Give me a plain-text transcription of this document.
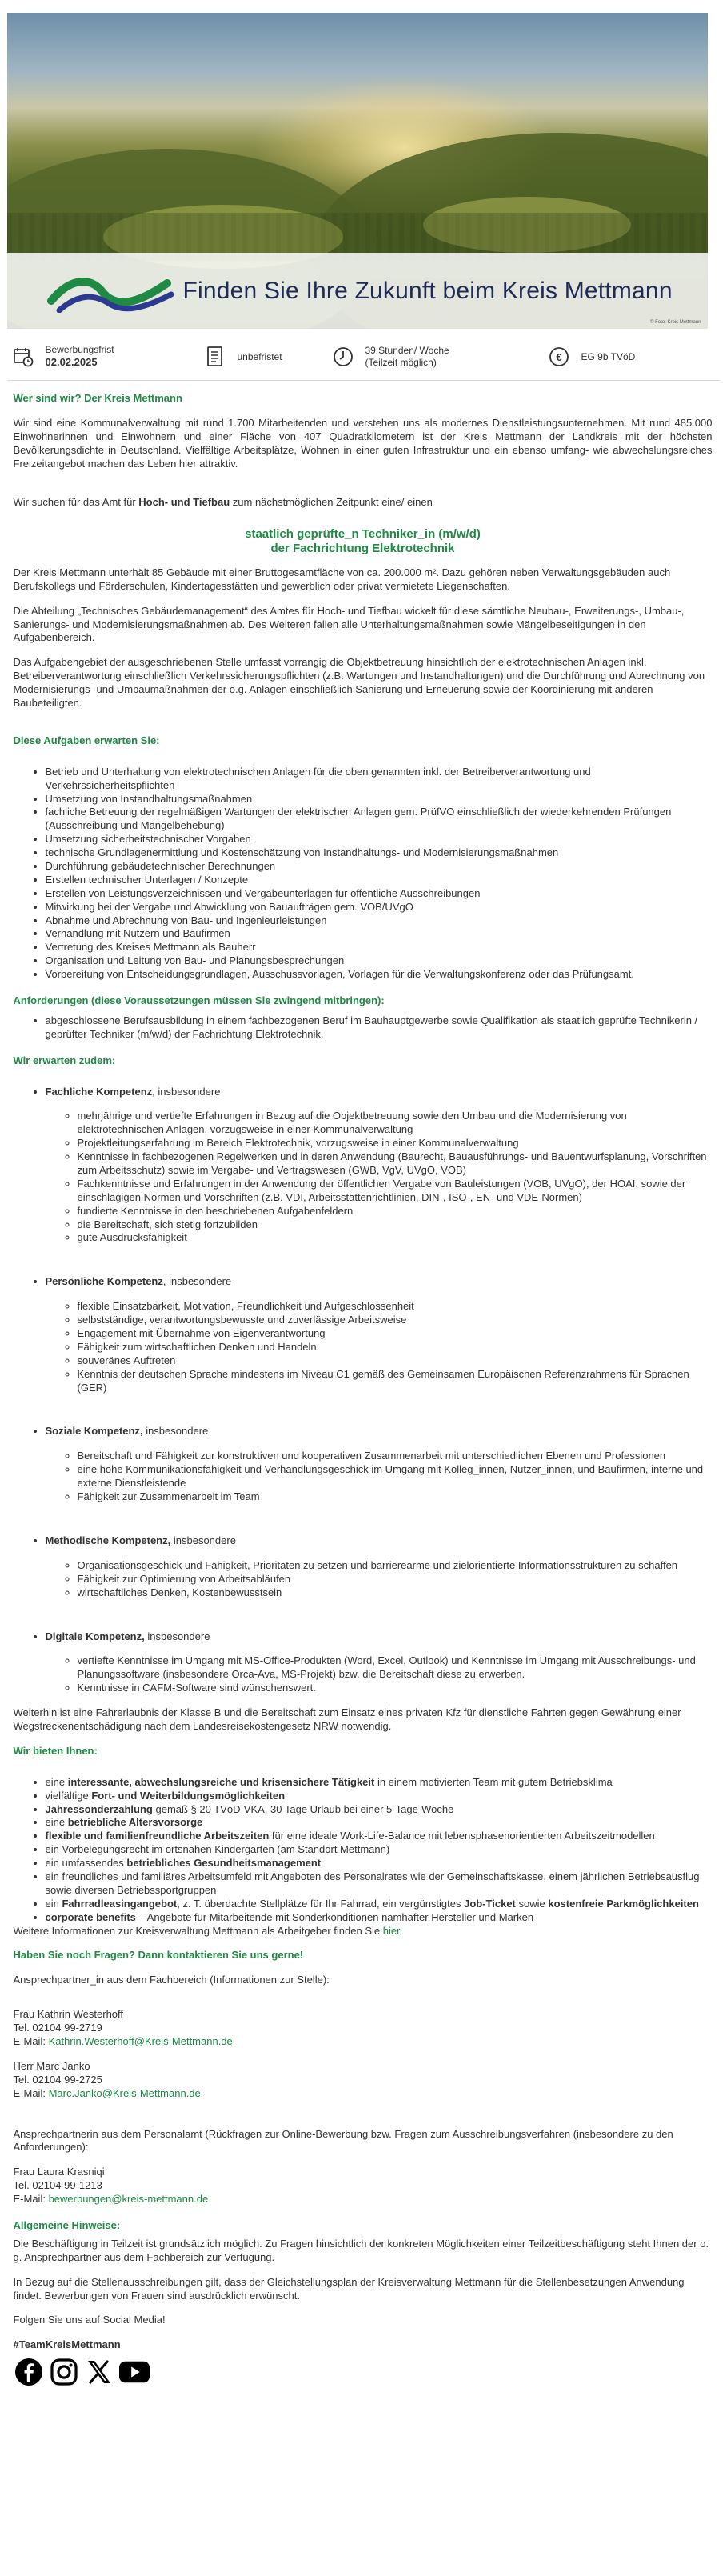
Finden Sie Ihre Zukunft beim Kreis Mettmann
© Foto: Kreis Mettmann
Bewerbungsfrist
02.02.2025	unbefristet
39 Stunden/ Woche
(Teilzeit möglich)	€ EG 9b TVöD
Wer sind wir? Der Kreis Mettmann

Wir sind eine Kommunalverwaltung mit rund 1.700 Mitarbeitenden und verstehen uns als modernes Dienstleistungsunternehmen. Mit rund 485.000 Einwohnerinnen und Einwohnern und einer Fläche von 407 Quadratkilometern ist der Kreis Mettmann der Landkreis mit der höchsten Bevölkerungsdichte in Deutschland. Vielfältige Arbeitsplätze, Wohnen in einer guten Infrastruktur und ein ebenso umfang- wie abwechslungsreiches Freizeitangebot machen das Leben hier attraktiv.

Wir suchen für das Amt für Hoch- und Tiefbau zum nächstmöglichen Zeitpunkt eine/ einen

staatlich geprüfte_n Techniker_in (m/w/d)
der Fachrichtung Elektrotechnik

Der Kreis Mettmann unterhält 85 Gebäude mit einer Bruttogesamtfläche von ca. 200.000 m². Dazu gehören neben Verwaltungsgebäuden auch Berufskollegs und Förderschulen, Kindertagesstätten und gewerblich oder privat vermietete Liegenschaften.

Die Abteilung „Technisches Gebäudemanagement“ des Amtes für Hoch- und Tiefbau wickelt für diese sämtliche Neubau-, Erweiterungs-, Umbau-, Sanierungs- und Modernisierungsmaßnahmen ab. Des Weiteren fallen alle Unterhaltungsmaßnahmen sowie Mängelbeseitigungen in den Aufgabenbereich.

Das Aufgabengebiet der ausgeschriebenen Stelle umfasst vorrangig die Objektbetreuung hinsichtlich der elektrotechnischen Anlagen inkl. Betreiberverantwortung einschließlich Verkehrssicherungspflichten (z.B. Wartungen und Instandhaltungen) und die Durchführung und Abrechnung von Modernisierungs- und Umbaumaßnahmen der o.g. Anlagen einschließlich Sanierung und Erneuerung sowie der Koordinierung mit anderen Baubeteiligten.

Diese Aufgaben erwarten Sie:
• Betrieb und Unterhaltung von elektrotechnischen Anlagen für die oben genannten inkl. der Betreiberverantwortung und Verkehrssicherheitspflichten
• Umsetzung von Instandhaltungsmaßnahmen
• fachliche Betreuung der regelmäßigen Wartungen der elektrischen Anlagen gem. PrüfVO einschließlich der wiederkehrenden Prüfungen (Ausschreibung und Mängelbehebung)
• Umsetzung sicherheitstechnischer Vorgaben
• technische Grundlagenermittlung und Kostenschätzung von Instandhaltungs- und Modernisierungsmaßnahmen
• Durchführung gebäudetechnischer Berechnungen
• Erstellen technischer Unterlagen / Konzepte
• Erstellen von Leistungsverzeichnissen und Vergabeunterlagen für öffentliche Ausschreibungen
• Mitwirkung bei der Vergabe und Abwicklung von Bauaufträgen gem. VOB/UVgO
• Abnahme und Abrechnung von Bau- und Ingenieurleistungen
• Verhandlung mit Nutzern und Baufirmen
• Vertretung des Kreises Mettmann als Bauherr
• Organisation und Leitung von Bau- und Planungsbesprechungen
• Vorbereitung von Entscheidungsgrundlagen, Ausschussvorlagen, Vorlagen für die Verwaltungskonferenz oder das Prüfungsamt.
Anforderungen (diese Voraussetzungen müssen Sie zwingend mitbringen):
• abgeschlossene Berufsausbildung in einem fachbezogenen Beruf im Bauhauptgewerbe sowie Qualifikation als staatlich geprüfte Technikerin / geprüfter Techniker (m/w/d) der Fachrichtung Elektrotechnik.
Wir erwarten zudem:
• Fachliche Kompetenz, insbesondere
◦ mehrjährige und vertiefte Erfahrungen in Bezug auf die Objektbetreuung sowie den Umbau und die Modernisierung von elektrotechnischen Anlagen, vorzugsweise in einer Kommunalverwaltung
◦ Projektleitungserfahrung im Bereich Elektrotechnik, vorzugsweise in einer Kommunalverwaltung
◦ Kenntnisse in fachbezogenen Regelwerken und in deren Anwendung (Baurecht, Bauausführungs- und Bauentwurfsplanung, Vorschriften zum Arbeitsschutz) sowie im Vergabe- und Vertragswesen (GWB, VgV, UVgO, VOB)
◦ Fachkenntnisse und Erfahrungen in der Anwendung der öffentlichen Vergabe von Bauleistungen (VOB, UVgO), der HOAI, sowie der einschlägigen Normen und Vorschriften (z.B. VDI, Arbeitsstättenrichtlinien, DIN-, ISO-, EN- und VDE-Normen)
◦ fundierte Kenntnisse in den beschriebenen Aufgabenfeldern
◦ die Bereitschaft, sich stetig fortzubilden
◦ gute Ausdrucksfähigkeit
• Persönliche Kompetenz, insbesondere
◦ flexible Einsatzbarkeit, Motivation, Freundlichkeit und Aufgeschlossenheit
◦ selbstständige, verantwortungsbewusste und zuverlässige Arbeitsweise
◦ Engagement mit Übernahme von Eigenverantwortung
◦ Fähigkeit zum wirtschaftlichen Denken und Handeln
◦ souveränes Auftreten
◦ Kenntnis der deutschen Sprache mindestens im Niveau C1 gemäß des Gemeinsamen Europäischen Referenzrahmens für Sprachen (GER)
• Soziale Kompetenz, insbesondere
◦ Bereitschaft und Fähigkeit zur konstruktiven und kooperativen Zusammenarbeit mit unterschiedlichen Ebenen und Professionen
◦ eine hohe Kommunikationsfähigkeit und Verhandlungsgeschick im Umgang mit Kolleg_innen, Nutzer_innen, und Baufirmen, interne und externe Dienstleistende
◦ Fähigkeit zur Zusammenarbeit im Team
• Methodische Kompetenz, insbesondere
◦ Organisationsgeschick und Fähigkeit, Prioritäten zu setzen und barrierearme und zielorientierte Informationsstrukturen zu schaffen
◦ Fähigkeit zur Optimierung von Arbeitsabläufen
◦ wirtschaftliches Denken, Kostenbewusstsein
• Digitale Kompetenz, insbesondere
◦ vertiefte Kenntnisse im Umgang mit MS-Office-Produkten (Word, Excel, Outlook) und Kenntnisse im Umgang mit Ausschreibungs- und Planungssoftware (insbesondere Orca-Ava, MS-Projekt) bzw. die Bereitschaft diese zu erwerben.
◦ Kenntnisse in CAFM-Software sind wünschenswert.

Weiterhin ist eine Fahrerlaubnis der Klasse B und die Bereitschaft zum Einsatz eines privaten Kfz für dienstliche Fahrten gegen Gewährung einer Wegstreckenentschädigung nach dem Landesreisekostengesetz NRW notwendig.

Wir bieten Ihnen:
• eine interessante, abwechslungsreiche und krisensichere Tätigkeit in einem motivierten Team mit gutem Betriebsklima
• vielfältige Fort- und Weiterbildungsmöglichkeiten
• Jahressonderzahlung gemäß § 20 TVöD-VKA, 30 Tage Urlaub bei einer 5-Tage-Woche
• eine betriebliche Altersvorsorge
• flexible und familienfreundliche Arbeitszeiten für eine ideale Work-Life-Balance mit lebensphasenorientierten Arbeitszeitmodellen
• ein Vorbelegungsrecht im ortsnahen Kindergarten (am Standort Mettmann)
• ein umfassendes betriebliches Gesundheitsmanagement
• ein freundliches und familiäres Arbeitsumfeld mit Angeboten des Personalrates wie der Gemeinschaftskasse, einem jährlichen Betriebsausflug sowie diversen Betriebssportgruppen
• ein Fahrradleasingangebot, z. T. überdachte Stellplätze für Ihr Fahrrad, ein vergünstigtes Job-Ticket sowie kostenfreie Parkmöglichkeiten
• corporate benefits – Angebote für Mitarbeitende mit Sonderkonditionen namhafter Hersteller und Marken

Weitere Informationen zur Kreisverwaltung Mettmann als Arbeitgeber finden Sie hier.

Haben Sie noch Fragen? Dann kontaktieren Sie uns gerne!

Ansprechpartner_in aus dem Fachbereich (Informationen zur Stelle):

Frau Kathrin Westerhoff

Tel. 02104 99-2719

E-Mail: Kathrin.Westerhoff@Kreis-Mettmann.de

Herr Marc Janko

Tel. 02104 99-2725

E-Mail: Marc.Janko@Kreis-Mettmann.de

Ansprechpartnerin aus dem Personalamt (Rückfragen zur Online-Bewerbung bzw. Fragen zum Ausschreibungsverfahren (insbesondere zu den Anforderungen):

Frau Laura Krasniqi

Tel. 02104 99-1213

E-Mail: bewerbungen@kreis-mettmann.de

Allgemeine Hinweise:

Die Beschäftigung in Teilzeit ist grundsätzlich möglich. Zu Fragen hinsichtlich der konkreten Möglichkeiten einer Teilzeitbeschäftigung steht Ihnen der o. g. Ansprechpartner aus dem Fachbereich zur Verfügung.

In Bezug auf die Stellenausschreibungen gilt, dass der Gleichstellungsplan der Kreisverwaltung Mettmann für die Stellenbesetzungen Anwendung findet. Bewerbungen von Frauen sind ausdrücklich erwünscht.

Folgen Sie uns auf Social Media!

#TeamKreisMettmann
